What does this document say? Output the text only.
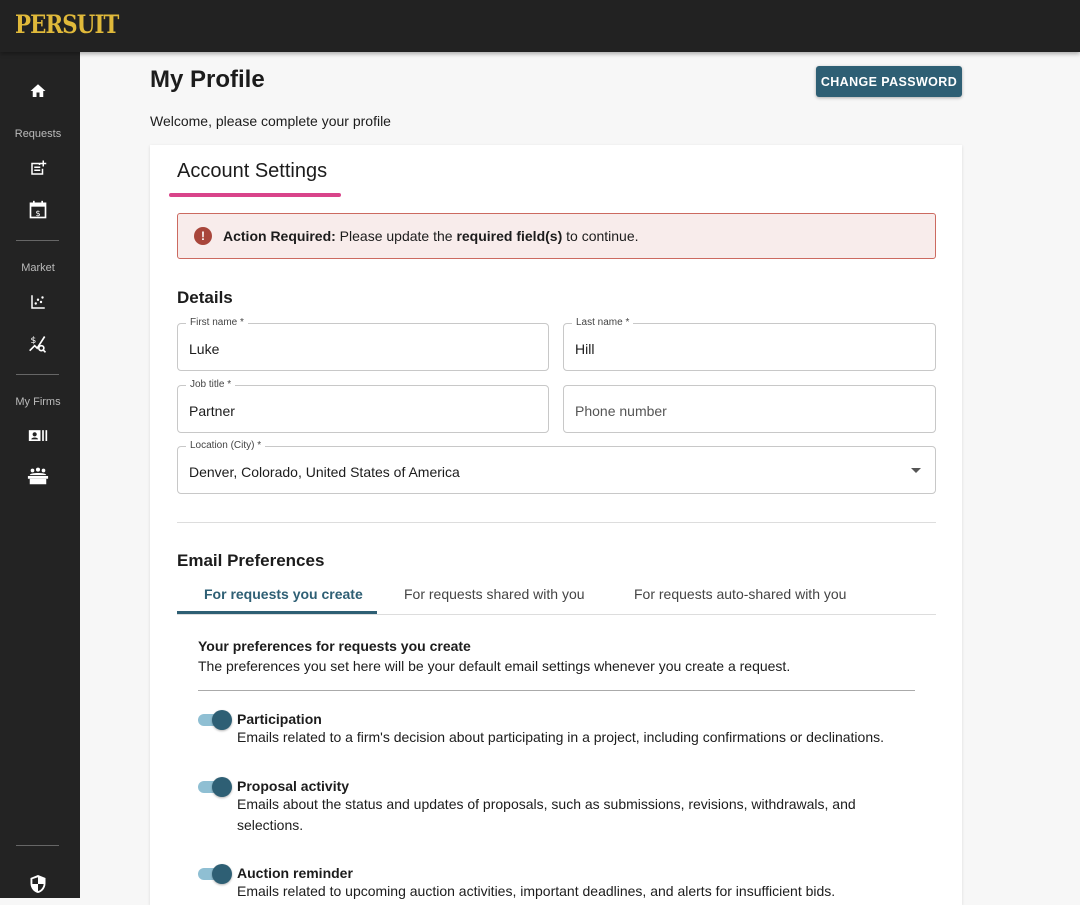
PERSUIT
Requests
$
Market
$
My Firms
My Profile
Welcome, please complete your profile
CHANGE PASSWORD
Account Settings
!	Action Required: Please update the required field(s) to continue.
Details
First name *
Luke
Last name *
Hill
Job title *
Partner	Phone number
Location (City) *
Denver, Colorado, United States of America
Email Preferences
For requests you create	For requests shared with you	For requests auto-shared with you
Your preferences for requests you create
The preferences you set here will be your default email settings whenever you create a request.
Participation
Emails related to a firm's decision about participating in a project, including confirmations or declinations.
Proposal activity
Emails about the status and updates of proposals, such as submissions, revisions, withdrawals, and selections.
Auction reminder
Emails related to upcoming auction activities, important deadlines, and alerts for insufficient bids.
